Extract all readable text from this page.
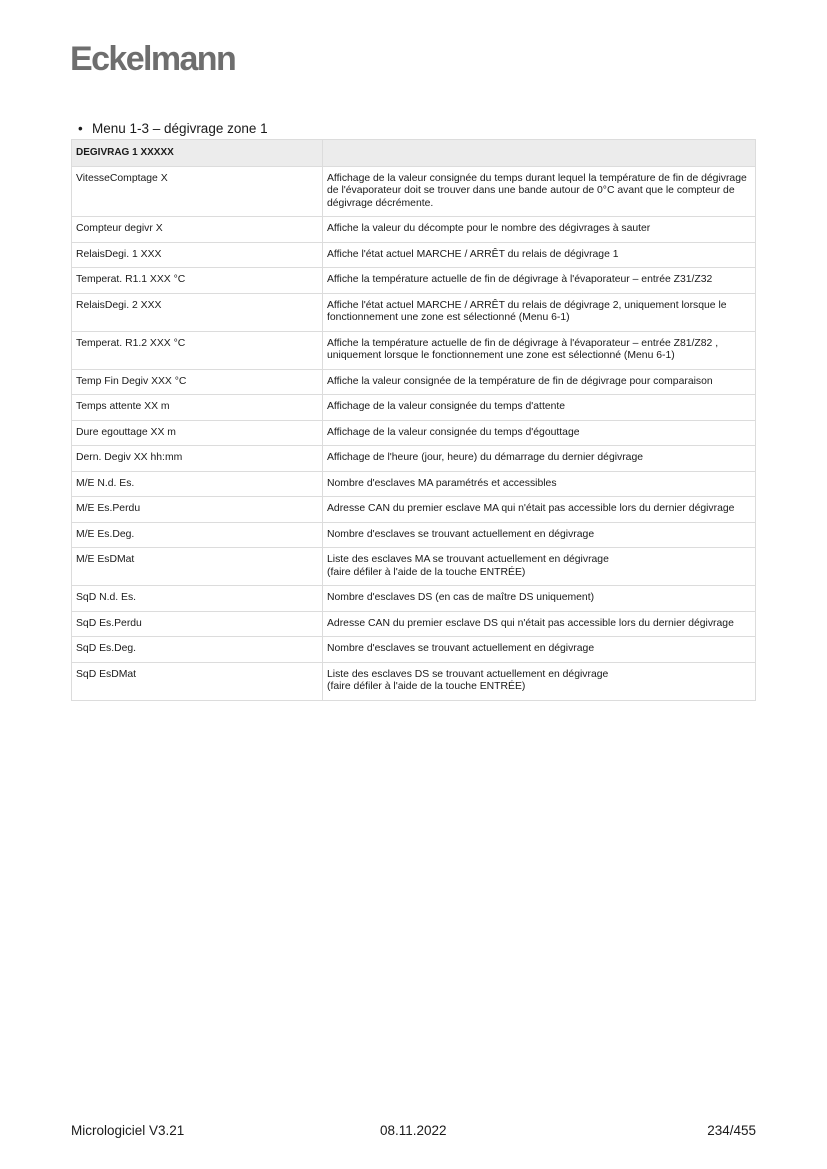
Eckelmann
• Menu 1-3 – dégivrage zone 1
DEGIVRAG 1 XXXXX	
VitesseComptage X	Affichage de la valeur consignée du temps durant lequel la température de fin de dégivrage de l'évaporateur doit se trouver dans une bande autour de 0°C avant que le compteur de dégivrage décrémente.
Compteur degivr X	Affiche la valeur du décompte pour le nombre des dégivrages à sauter
RelaisDegi. 1 XXX	Affiche l'état actuel MARCHE / ARRÊT du relais de dégivrage 1
Temperat. R1.1 XXX °C	Affiche la température actuelle de fin de dégivrage à l'évaporateur – entrée Z31/Z32
RelaisDegi. 2 XXX	Affiche l'état actuel MARCHE / ARRÊT du relais de dégivrage 2, uniquement lorsque le fonctionnement une zone est sélectionné (Menu 6-1)
Temperat. R1.2 XXX °C	Affiche la température actuelle de fin de dégivrage à l'évaporateur – entrée Z81/Z82 , uniquement lorsque le fonctionnement une zone est sélectionné (Menu 6-1)
Temp Fin Degiv XXX °C	Affiche la valeur consignée de la température de fin de dégivrage pour comparaison
Temps attente XX m	Affichage de la valeur consignée du temps d'attente
Dure egouttage XX m	Affichage de la valeur consignée du temps d'égouttage
Dern. Degiv XX hh:mm	Affichage de l'heure (jour, heure) du démarrage du dernier dégivrage
M/E N.d. Es.	Nombre d'esclaves MA paramétrés et accessibles
M/E Es.Perdu	Adresse CAN du premier esclave MA qui n'était pas accessible lors du dernier dégivrage
M/E Es.Deg.	Nombre d'esclaves se trouvant actuellement en dégivrage
M/E EsDMat	Liste des esclaves MA se trouvant actuellement en dégivrage
(faire défiler à l'aide de la touche ENTRÉE)
SqD N.d. Es.	Nombre d'esclaves DS (en cas de maître DS uniquement)
SqD Es.Perdu	Adresse CAN du premier esclave DS qui n'était pas accessible lors du dernier dégivrage
SqD Es.Deg.	Nombre d'esclaves se trouvant actuellement en dégivrage
SqD EsDMat	Liste des esclaves DS se trouvant actuellement en dégivrage
(faire défiler à l'aide de la touche ENTRÉE)
Micrologiciel V3.21	08.11.2022	234/455
